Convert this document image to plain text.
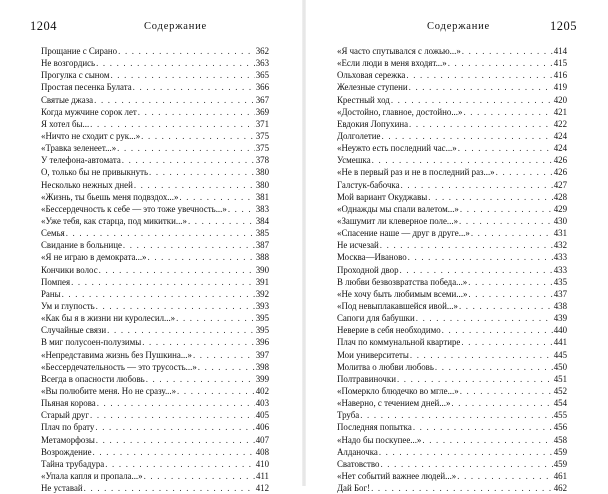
1204	Содержание
Прощание с Сирано . . .	362
Не возгордись . . .	363
Прогулка с сыном . . .	365
Простая песенка Булата . . .	366
Святые джаза . . .	367
Когда мужчине сорок лет . . .	369
Я хотел бы... . . .	371
«Ничто не сходит с рук...» . . .	375
«Травка зеленеет...» . . .	375
У телефона-автомата . . .	378
О, только бы не привыкнуть . . .	380
Несколько нежных дней . . .	380
«Жизнь, ты бьешь меня подвздох...» . . .	381
«Бессердечность к себе — это тоже увечность...» . . .	383
«Уже тебя, как старца, под микитки...» . . .	384
Семья . . .	385
Свидание в больнице . . .	387
«Я не играю в демократа...» . . .	388
Кончики волос . . .	390
Помпея . . .	391
Раны . . .	392
Ум и глупость . . .	393
«Как бы я в жизни ни куролесил...» . . .	395
Случайные связи . . .	395
В миг полусоен-полузимы . . .	396
«Непредставима жизнь без Пушкина...» . . .	397
«Бессердечательность — это трусость...» . . .	398
Всегда в опасности любовь . . .	399
«Вы полюбите меня. Но не сразу...» . . .	402
Пьяная корова . . .	403
Старый друг . . .	405
Плач по брату . . .	406
Метаморфозы . . .	407
Возрождение . . .	408
Тайна трубадура . . .	410
«Упала капля и пропала...» . . .	411
Не уставай . . .	412
Содержание	1205
«Я часто спутывался с ложью...» . . .	414
«Если люди в меня входят...» . . .	415
Ольховая сережка . . .	416
Железные ступени . . .	419
Крестный ход . . .	420
«Достойно, главное, достойно...» . . .	421
Евдокия Лопухина . . .	422
Долголетие . . .	424
«Неужто есть последний час...» . . .	424
Усмешка . . .	426
«Не в первый раз и не в последний раз...» . . .	426
Галстук-бабочка . . .	427
Мой вариант Окуджавы . . .	428
«Однажды мы спали валетом...» . . .	429
«Зашумит ли клеверное поле...» . . .	430
«Спасение наше — друг в друге...» . . .	431
Не исчезай . . .	432
Москва—Иваново . . .	433
Проходной двор . . .	433
В любви безвозвратства победа...» . . .	435
«Не хочу быть любимым всеми...» . . .	437
«Под невыплакавшейся ивой...» . . .	438
Сапоги для бабушки . . .	439
Неверие в себя необходимо . . .	440
Плач по коммунальной квартире . . .	441
Мои университеты . . .	445
Молитва о любви любовь . . .	450
Полтравиночки . . .	451
«Померкло блюдечко во мгле...» . . .	452
«Наверно, с течением дней...» . . .	454
Труба . . .	455
Последняя попытка . . .	456
«Надо бы поскупее...» . . .	458
Алданочка . . .	459
Сватовство . . .	459
«Нет событий важнее людей...» . . .	461
Дай Бог! . . .	462
